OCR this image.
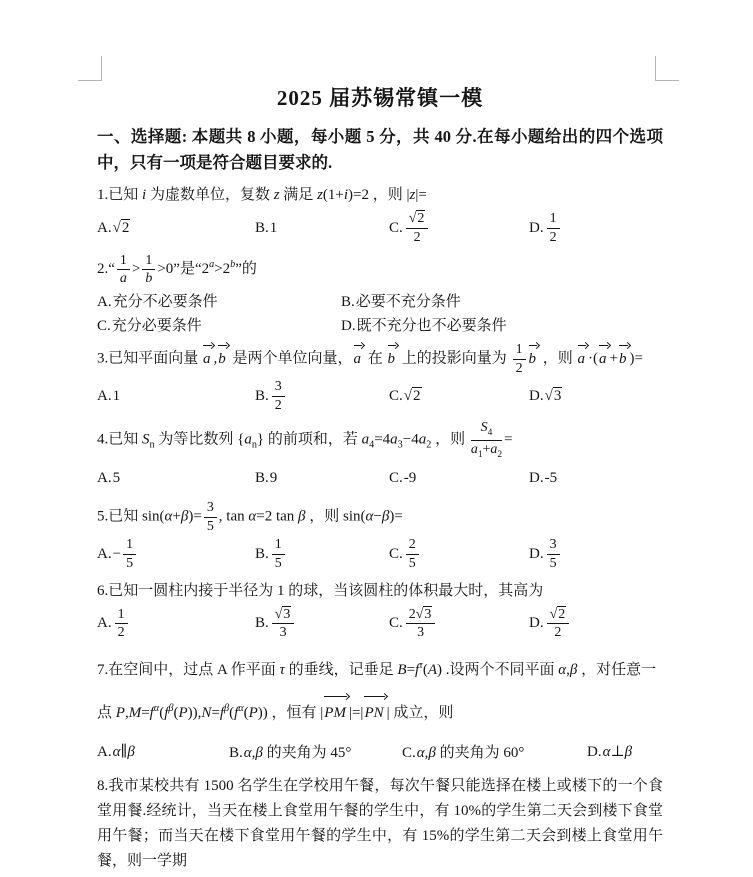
2025 届苏锡常镇一模

一、选择题: 本题共 8 小题，每小题 5 分，共 40 分.在每小题给出的四个选项中，只有一项是符合题目要求的.

1.已知 i 为虚数单位，复数 z 满足 z(1+i)=2 ，则 |z|=

A.√2	B.1	C. $\frac{√2}{2}$	D. $\frac{1}{2}$

2.“ $\frac{1}{a} > \frac{1}{b} >0$”是“$2^a>2^b$”的

A.充分不必要条件	B.必要不充分条件
C.充分必要条件	D.既不充分也不必要条件

3.已知平面向量 a ,b 是两个单位向量，a 在 b 上的投影向量为 $\frac{1}{2}$ b ，则 a ·(a +b )=

A.1	B. $\frac{3}{2}$	C.√2	D.√3

4.已知 $S_n$ 为等比数列 $\{a_n\}$ 的前项和，若 $a_4=4a_3-4a_2$ ，则 $\frac{S_4}{a_1+a_2}$ =

A.5	B.9	C.-9	D.-5

5.已知 $\sin(\alpha+\beta)= \frac{3}{5}$ , tan α=2 tan β ，则 sin(α−β)=

$A.- \frac{1}{5}$	B. $\frac{1}{5}$	C. $\frac{2}{5}$	D. $\frac{3}{5}$

6.已知一圆柱内接于半径为 1 的球，当该圆柱的体积最大时，其高为

A. $\frac{1}{2}$	B. $\frac{√3}{3}$	C. $\frac{2√3}{3}$	D. $\frac{√2}{2}$

7.在空间中，过点 A 作平面 τ 的垂线，记垂足 $B=f^\tau(A)$ .设两个不同平面 α,β ，对任意一

点 $P,M=f^\alpha(f^\beta(P)),N=f^\beta(f^\alpha(P))$ ，恒有 |PM |=|PN | 成立，则

A.α∥β	B.α,β 的夹角为 45°	C.α,β 的夹角为 60°	D.α⊥β

8.我市某校共有 1500 名学生在学校用午餐，每次午餐只能选择在楼上或楼下的一个食堂用餐.经统计，当天在楼上食堂用午餐的学生中，有 10%的学生第二天会到楼下食堂用午餐；而当天在楼下食堂用午餐的学生中，有 15%的学生第二天会到楼上食堂用午餐，则一学期
